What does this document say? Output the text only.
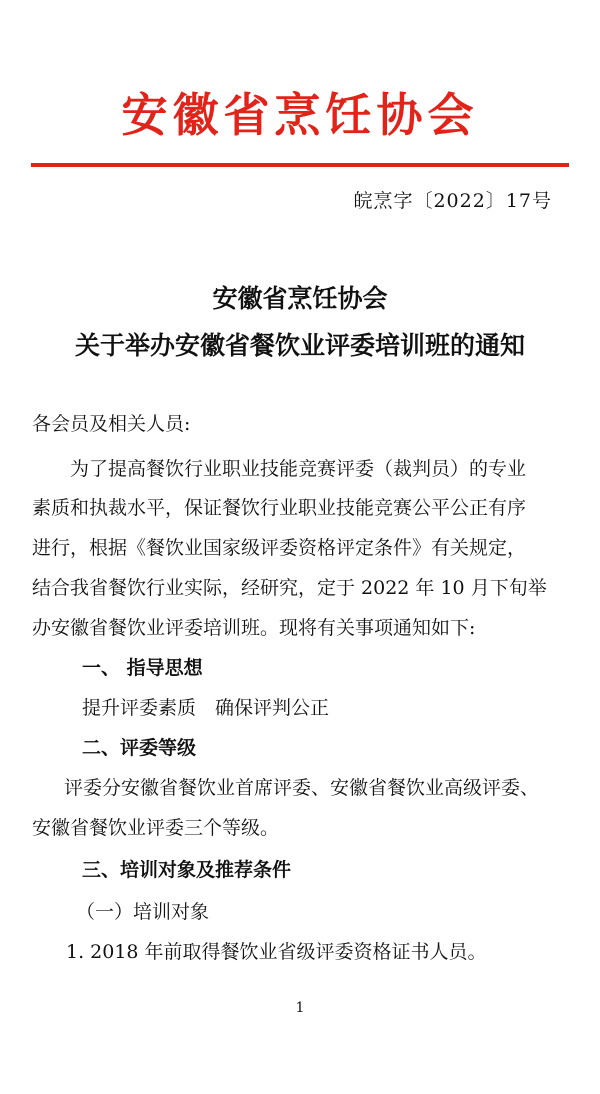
安徽省烹饪协会
皖烹字〔2022〕17号
安徽省烹饪协会
关于举办安徽省餐饮业评委培训班的通知
各会员及相关人员:
为了提高餐饮行业职业技能竞赛评委（裁判员）的专业
素质和执裁水平，保证餐饮行业职业技能竞赛公平公正有序
进行，根据《餐饮业国家级评委资格评定条件》有关规定，
结合我省餐饮行业实际，经研究，定于 2022 年 10 月下旬举
办安徽省餐饮业评委培训班。现将有关事项通知如下:
一、 指导思想
提升评委素质　确保评判公正
二、评委等级
评委分安徽省餐饮业首席评委、安徽省餐饮业高级评委、
安徽省餐饮业评委三个等级。
三、培训对象及推荐条件
（一）培训对象
1. 2018 年前取得餐饮业省级评委资格证书人员。
1
